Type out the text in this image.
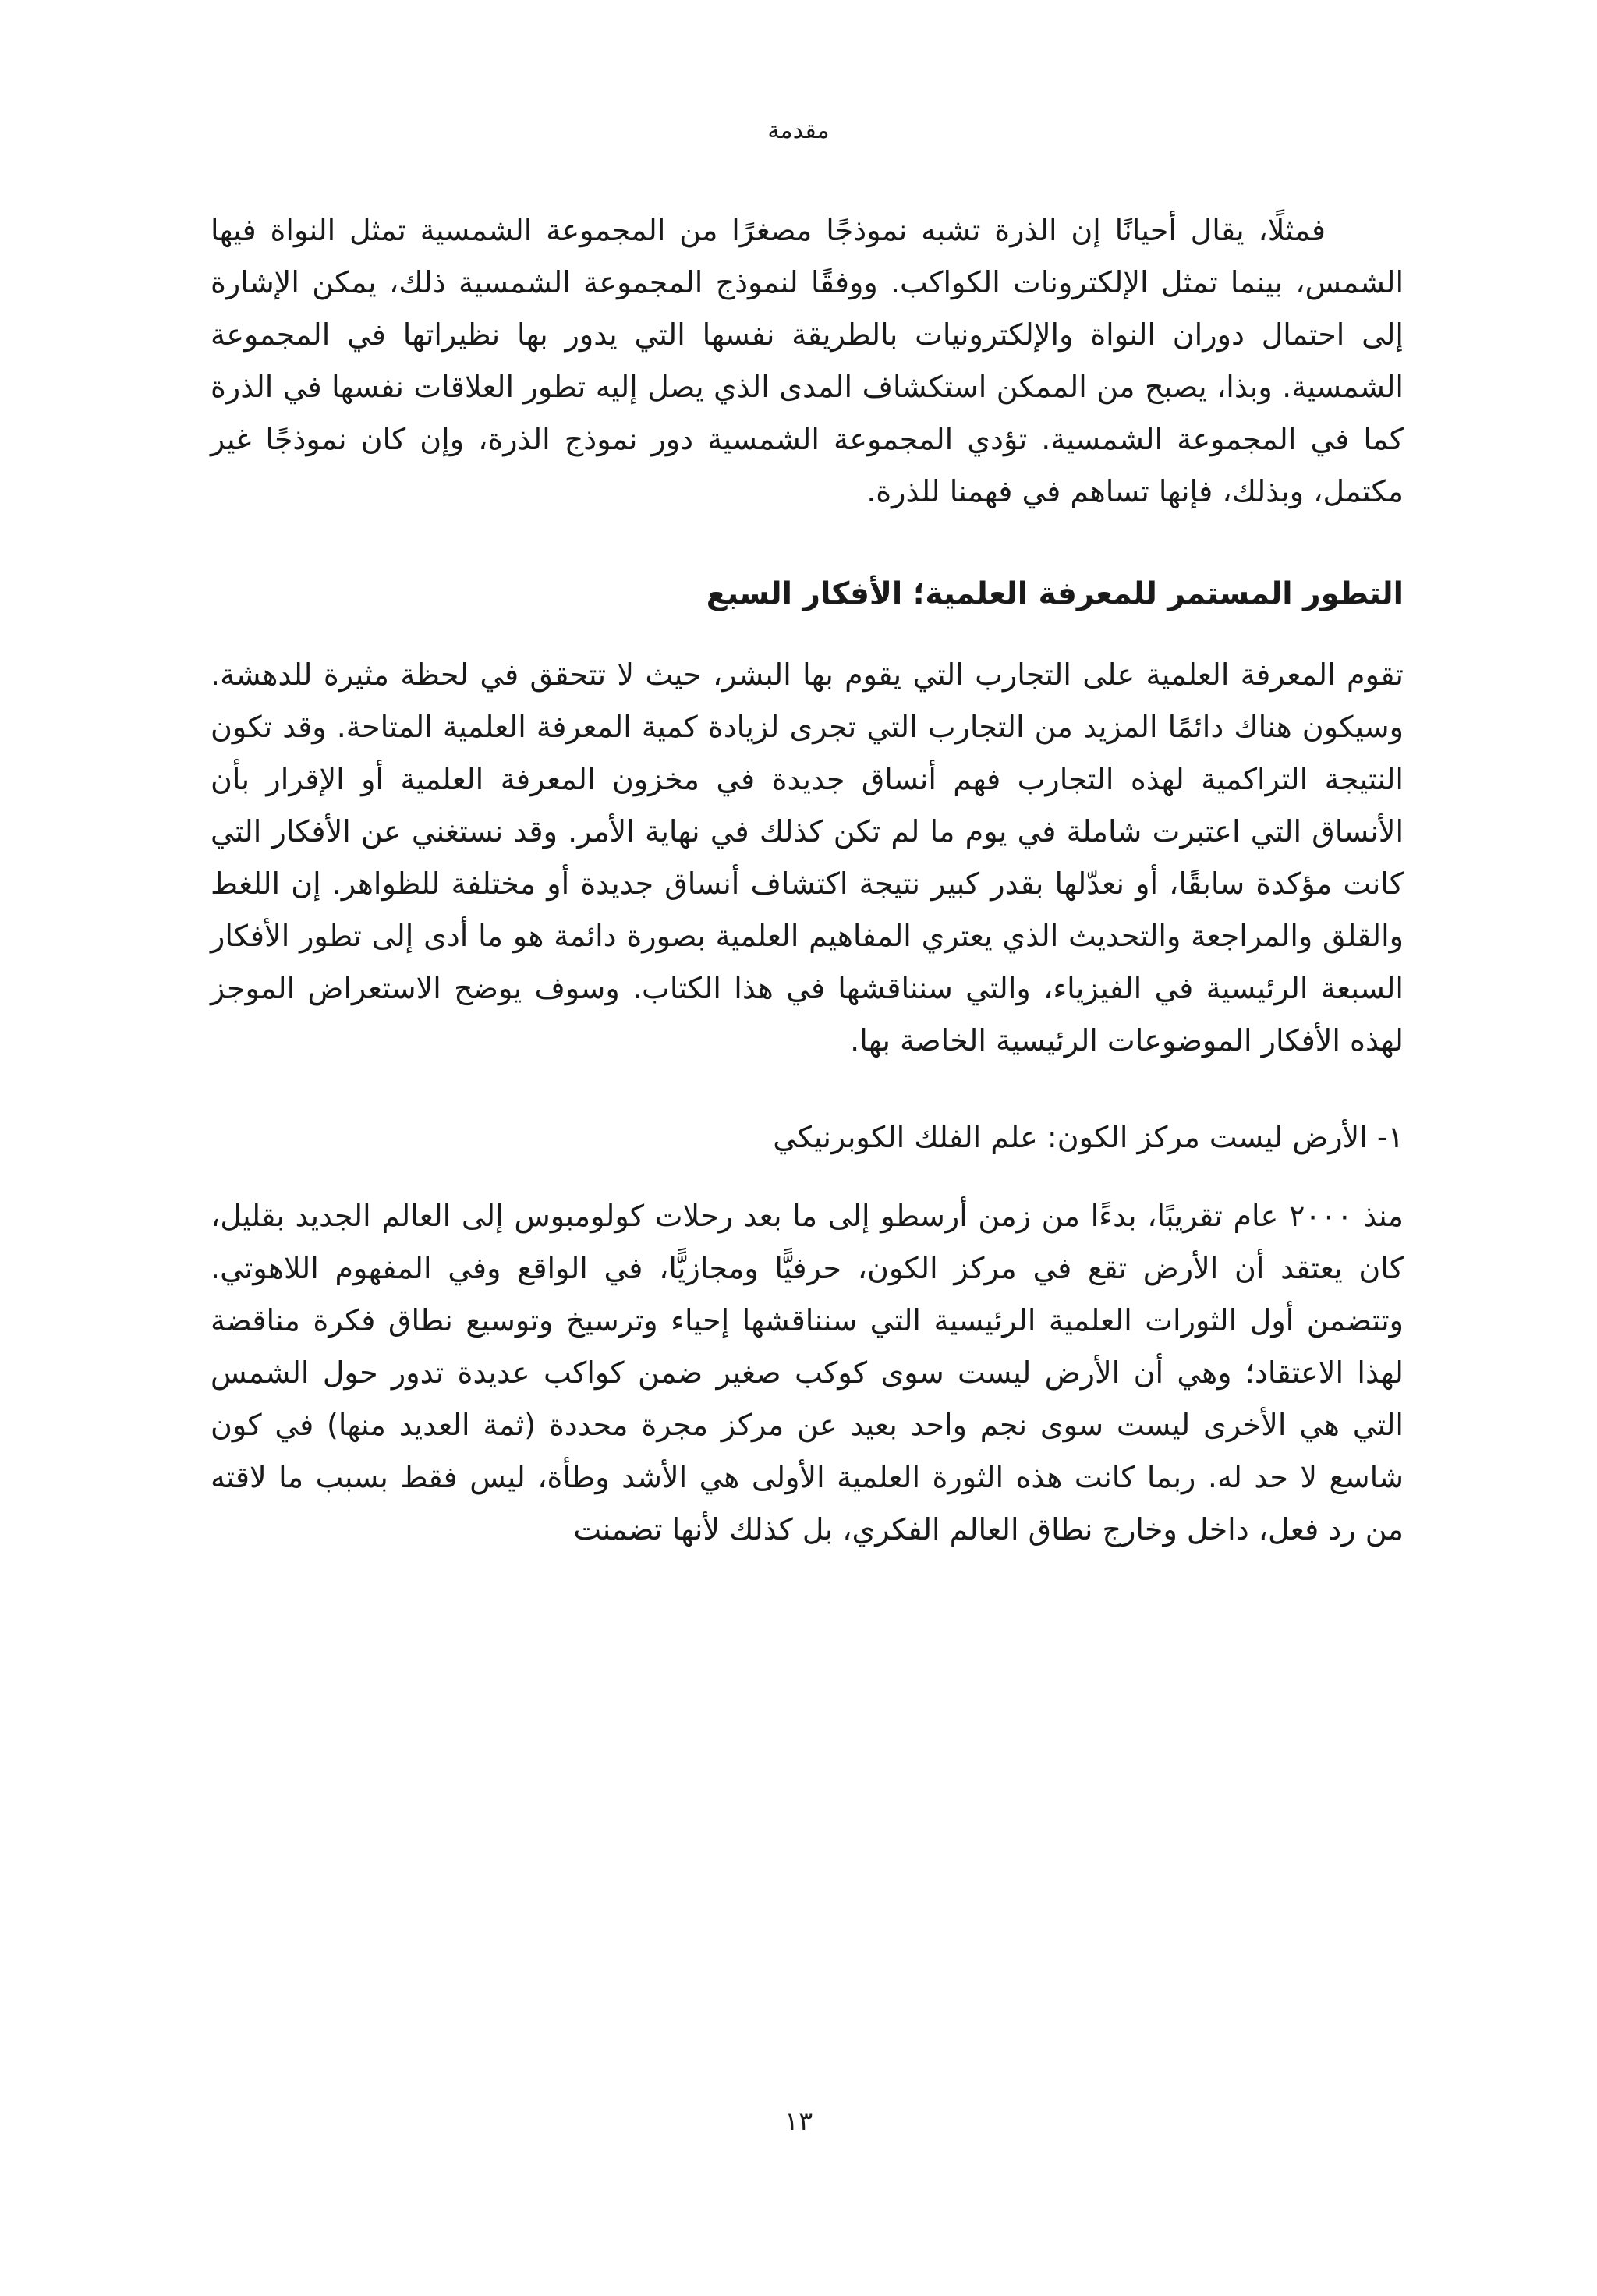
مقدمة

فمثلًا، يقال أحيانًا إن الذرة تشبه نموذجًا مصغرًا من المجموعة الشمسية تمثل النواة فيها الشمس، بينما تمثل الإلكترونات الكواكب. ووفقًا لنموذج المجموعة الشمسية ذلك، يمكن الإشارة إلى احتمال دوران النواة والإلكترونيات بالطريقة نفسها التي يدور بها نظيراتها في المجموعة الشمسية. وبذا، يصبح من الممكن استكشاف المدى الذي يصل إليه تطور العلاقات نفسها في الذرة كما في المجموعة الشمسية. تؤدي المجموعة الشمسية دور نموذج الذرة، وإن كان نموذجًا غير مكتمل، وبذلك، فإنها تساهم في فهمنا للذرة.

التطور المستمر للمعرفة العلمية؛ الأفكار السبع

تقوم المعرفة العلمية على التجارب التي يقوم بها البشر، حيث لا تتحقق في لحظة مثيرة للدهشة. وسيكون هناك دائمًا المزيد من التجارب التي تجرى لزيادة كمية المعرفة العلمية المتاحة. وقد تكون النتيجة التراكمية لهذه التجارب فهم أنساق جديدة في مخزون المعرفة العلمية أو الإقرار بأن الأنساق التي اعتبرت شاملة في يوم ما لم تكن كذلك في نهاية الأمر. وقد نستغني عن الأفكار التي كانت مؤكدة سابقًا، أو نعدّلها بقدر كبير نتيجة اكتشاف أنساق جديدة أو مختلفة للظواهر. إن اللغط والقلق والمراجعة والتحديث الذي يعتري المفاهيم العلمية بصورة دائمة هو ما أدى إلى تطور الأفكار السبعة الرئيسية في الفيزياء، والتي سنناقشها في هذا الكتاب. وسوف يوضح الاستعراض الموجز لهذه الأفكار الموضوعات الرئيسية الخاصة بها.

١- الأرض ليست مركز الكون: علم الفلك الكوبرنيكي

منذ ٢٠٠٠ عام تقريبًا، بدءًا من زمن أرسطو إلى ما بعد رحلات كولومبوس إلى العالم الجديد بقليل، كان يعتقد أن الأرض تقع في مركز الكون، حرفيًّا ومجازيًّا، في الواقع وفي المفهوم اللاهوتي. وتتضمن أول الثورات العلمية الرئيسية التي سنناقشها إحياء وترسيخ وتوسيع نطاق فكرة مناقضة لهذا الاعتقاد؛ وهي أن الأرض ليست سوى كوكب صغير ضمن كواكب عديدة تدور حول الشمس التي هي الأخرى ليست سوى نجم واحد بعيد عن مركز مجرة محددة (ثمة العديد منها) في كون شاسع لا حد له. ربما كانت هذه الثورة العلمية الأولى هي الأشد وطأة، ليس فقط بسبب ما لاقته من رد فعل، داخل وخارج نطاق العالم الفكري، بل كذلك لأنها تضمنت

١٣
